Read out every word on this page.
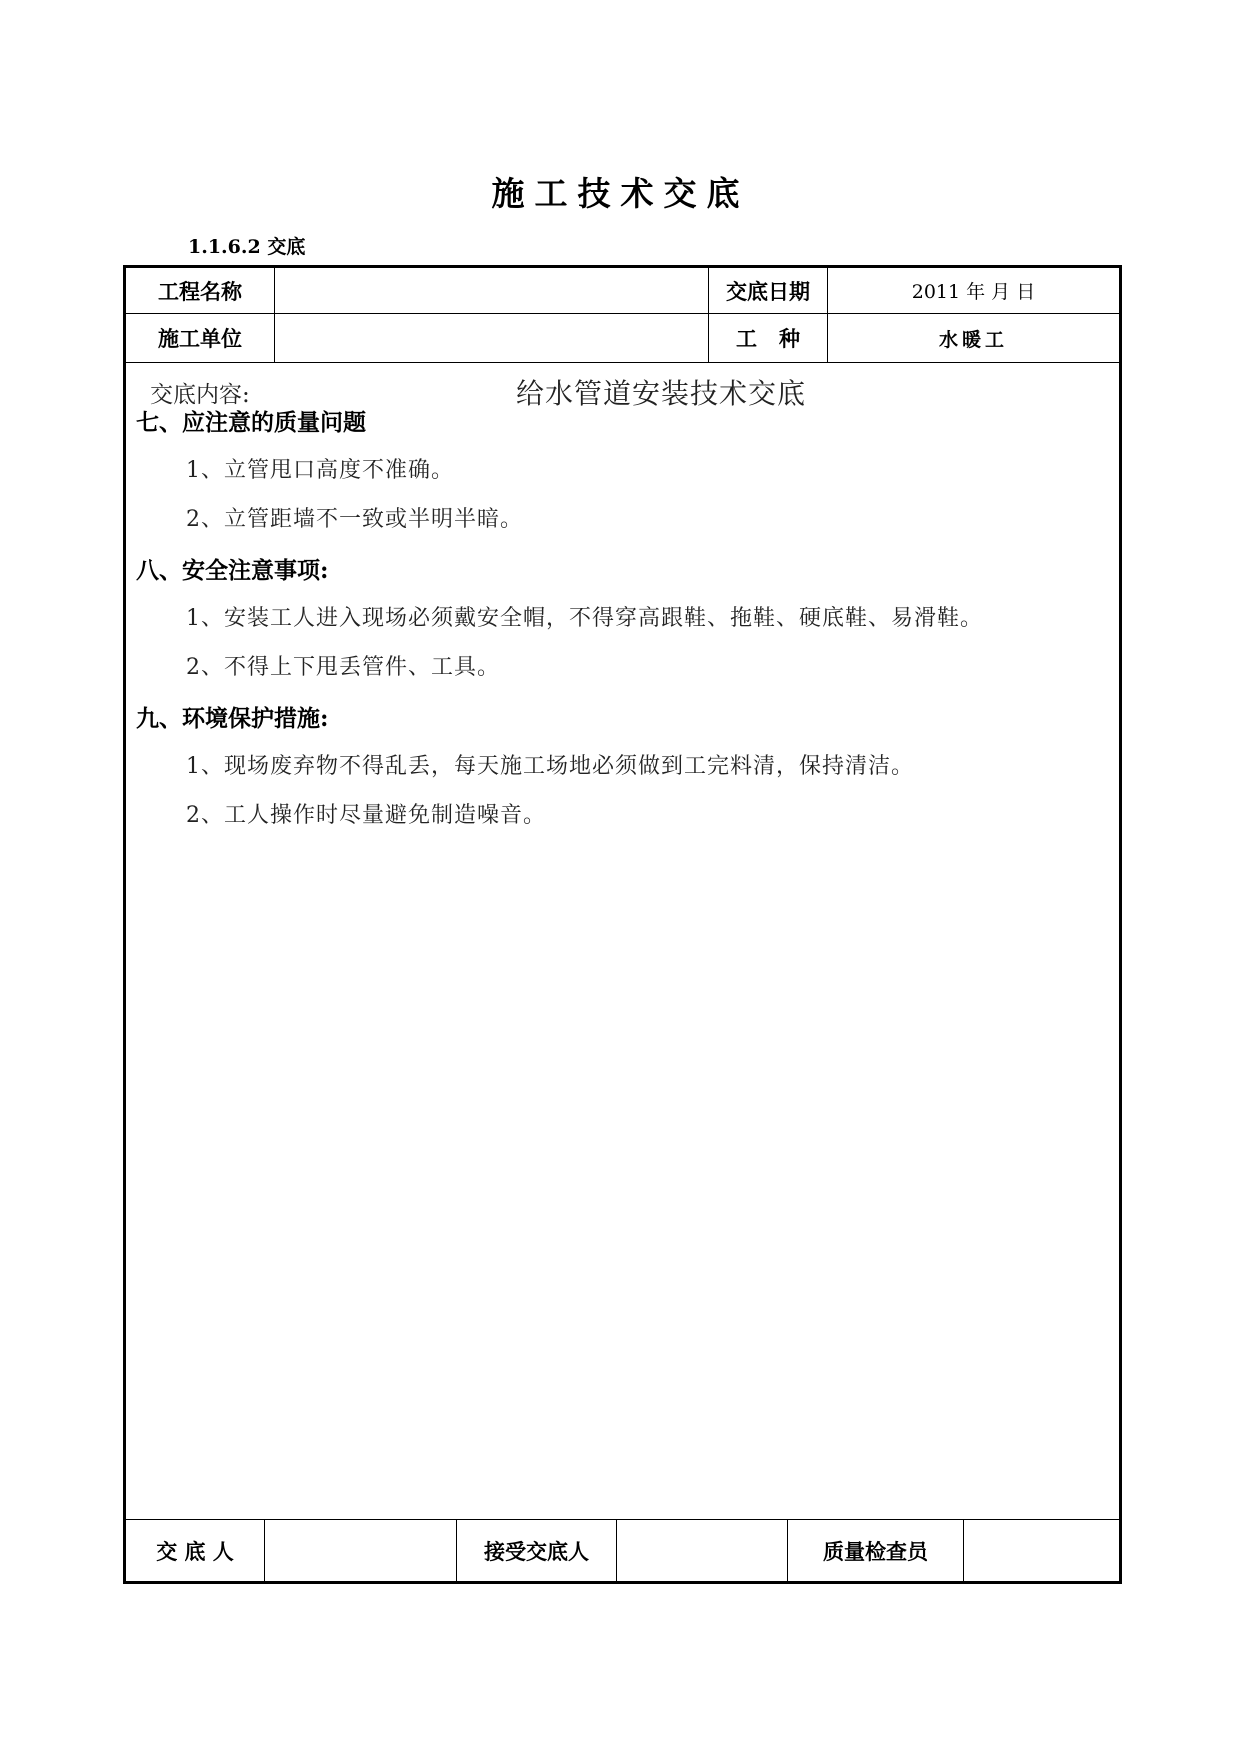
施工技术交底
1.1.6.2 交底
工程名称	交底日期	2011 年 月 日
施工单位	工   种	水暖工
交底内容:	给水管道安装技术交底
七、应注意的质量问题
1、立管甩口高度不准确。
2、立管距墙不一致或半明半暗。
八、安全注意事项:
1、安装工人进入现场必须戴安全帽，不得穿高跟鞋、拖鞋、硬底鞋、易滑鞋。
2、不得上下甩丢管件、工具。
九、环境保护措施:
1、现场废弃物不得乱丢，每天施工场地必须做到工完料清，保持清洁。
2、工人操作时尽量避免制造噪音。
交 底 人	接受交底人	质量检查员
